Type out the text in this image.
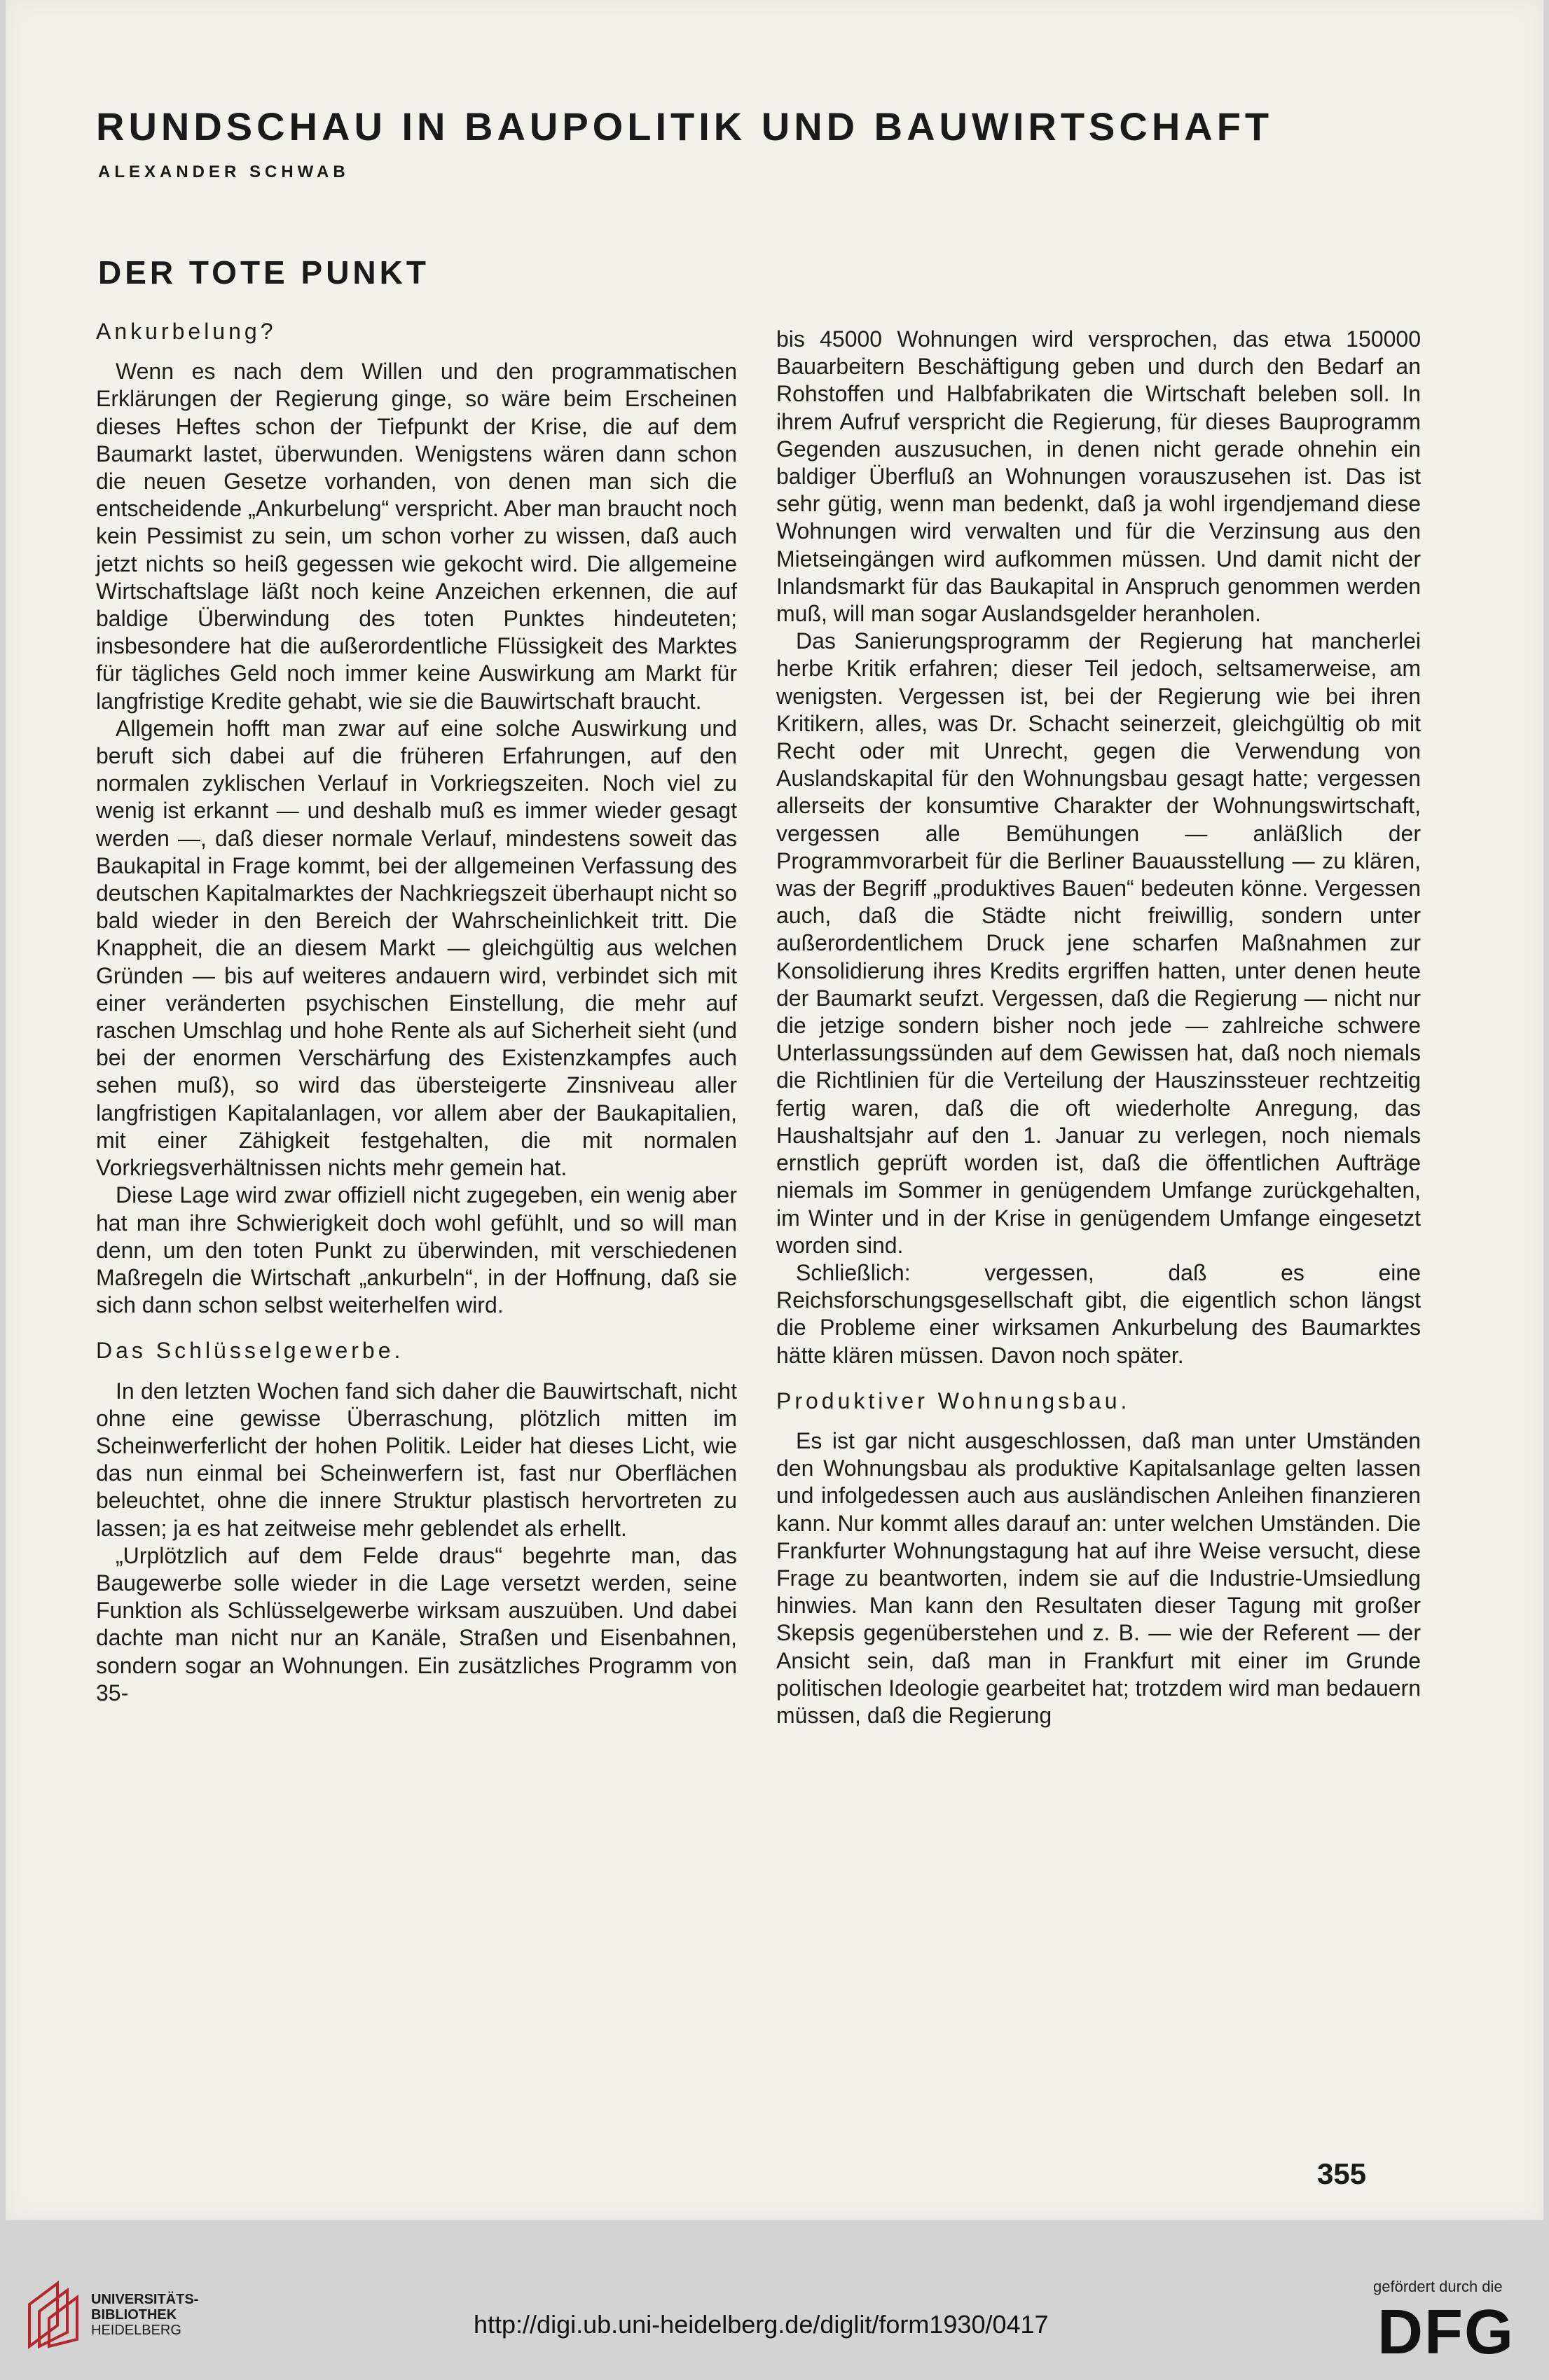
RUNDSCHAU IN BAUPOLITIK UND BAUWIRTSCHAFT
ALEXANDER SCHWAB
DER TOTE PUNKT
Ankurbelung?

Wenn es nach dem Willen und den programmatischen Erklärungen der Regierung ginge, so wäre beim Erscheinen dieses Heftes schon der Tiefpunkt der Krise, die auf dem Baumarkt lastet, überwunden. Wenigstens wären dann schon die neuen Gesetze vorhanden, von denen man sich die entscheidende „Ankurbelung“ verspricht. Aber man braucht noch kein Pessimist zu sein, um schon vorher zu wissen, daß auch jetzt nichts so heiß gegessen wie gekocht wird. Die allgemeine Wirtschaftslage läßt noch keine Anzeichen erkennen, die auf baldige Überwindung des toten Punktes hindeuteten; insbesondere hat die außerordentliche Flüssigkeit des Marktes für tägliches Geld noch immer keine Auswirkung am Markt für langfristige Kredite gehabt, wie sie die Bauwirtschaft braucht.

Allgemein hofft man zwar auf eine solche Auswirkung und beruft sich dabei auf die früheren Erfahrungen, auf den normalen zyklischen Verlauf in Vorkriegszeiten. Noch viel zu wenig ist erkannt — und deshalb muß es immer wieder gesagt werden —, daß dieser normale Verlauf, mindestens soweit das Baukapital in Frage kommt, bei der allgemeinen Verfassung des deutschen Kapitalmarktes der Nachkriegszeit überhaupt nicht so bald wieder in den Bereich der Wahrscheinlichkeit tritt. Die Knappheit, die an diesem Markt — gleichgültig aus welchen Gründen — bis auf weiteres andauern wird, verbindet sich mit einer veränderten psychischen Einstellung, die mehr auf raschen Umschlag und hohe Rente als auf Sicherheit sieht (und bei der enormen Verschärfung des Existenzkampfes auch sehen muß), so wird das übersteigerte Zinsniveau aller langfristigen Kapitalanlagen, vor allem aber der Baukapitalien, mit einer Zähigkeit festgehalten, die mit normalen Vorkriegsverhältnissen nichts mehr gemein hat.

Diese Lage wird zwar offiziell nicht zugegeben, ein wenig aber hat man ihre Schwierigkeit doch wohl gefühlt, und so will man denn, um den toten Punkt zu überwinden, mit verschiedenen Maßregeln die Wirtschaft „ankurbeln“, in der Hoffnung, daß sie sich dann schon selbst weiterhelfen wird.

Das Schlüsselgewerbe.

In den letzten Wochen fand sich daher die Bauwirtschaft, nicht ohne eine gewisse Überraschung, plötzlich mitten im Scheinwerferlicht der hohen Politik. Leider hat dieses Licht, wie das nun einmal bei Scheinwerfern ist, fast nur Oberflächen beleuchtet, ohne die innere Struktur plastisch hervortreten zu lassen; ja es hat zeitweise mehr geblendet als erhellt.

„Urplötzlich auf dem Felde draus“ begehrte man, das Baugewerbe solle wieder in die Lage versetzt werden, seine Funktion als Schlüsselgewerbe wirksam auszuüben. Und dabei dachte man nicht nur an Kanäle, Straßen und Eisenbahnen, sondern sogar an Wohnungen. Ein zusätzliches Programm von 35-

bis 45000 Wohnungen wird versprochen, das etwa 150000 Bauarbeitern Beschäftigung geben und durch den Bedarf an Rohstoffen und Halbfabrikaten die Wirtschaft beleben soll. In ihrem Aufruf verspricht die Regierung, für dieses Bauprogramm Gegenden auszusuchen, in denen nicht gerade ohnehin ein baldiger Überfluß an Wohnungen vorauszusehen ist. Das ist sehr gütig, wenn man bedenkt, daß ja wohl irgendjemand diese Wohnungen wird verwalten und für die Verzinsung aus den Mietseingängen wird aufkommen müssen. Und damit nicht der Inlandsmarkt für das Baukapital in Anspruch genommen werden muß, will man sogar Auslandsgelder heranholen.

Das Sanierungsprogramm der Regierung hat mancherlei herbe Kritik erfahren; dieser Teil jedoch, seltsamerweise, am wenigsten. Vergessen ist, bei der Regierung wie bei ihren Kritikern, alles, was Dr. Schacht seinerzeit, gleichgültig ob mit Recht oder mit Unrecht, gegen die Verwendung von Auslandskapital für den Wohnungsbau gesagt hatte; vergessen allerseits der konsumtive Charakter der Wohnungswirtschaft, vergessen alle Bemühungen — anläßlich der Programmvorarbeit für die Berliner Bauausstellung — zu klären, was der Begriff „produktives Bauen“ bedeuten könne. Vergessen auch, daß die Städte nicht freiwillig, sondern unter außerordentlichem Druck jene scharfen Maßnahmen zur Konsolidierung ihres Kredits ergriffen hatten, unter denen heute der Baumarkt seufzt. Vergessen, daß die Regierung — nicht nur die jetzige sondern bisher noch jede — zahlreiche schwere Unterlassungssünden auf dem Gewissen hat, daß noch niemals die Richtlinien für die Verteilung der Hauszinssteuer rechtzeitig fertig waren, daß die oft wiederholte Anregung, das Haushaltsjahr auf den 1. Januar zu verlegen, noch niemals ernstlich geprüft worden ist, daß die öffentlichen Aufträge niemals im Sommer in genügendem Umfange zurückgehalten, im Winter und in der Krise in genügendem Umfange eingesetzt worden sind.

Schließlich: vergessen, daß es eine Reichsforschungsgesellschaft gibt, die eigentlich schon längst die Probleme einer wirksamen Ankurbelung des Baumarktes hätte klären müssen. Davon noch später.

Produktiver Wohnungsbau.

Es ist gar nicht ausgeschlossen, daß man unter Umständen den Wohnungsbau als produktive Kapitalsanlage gelten lassen und infolgedessen auch aus ausländischen Anleihen finanzieren kann. Nur kommt alles darauf an: unter welchen Umständen. Die Frankfurter Wohnungstagung hat auf ihre Weise versucht, diese Frage zu beantworten, indem sie auf die Industrie-Umsiedlung hinwies. Man kann den Resultaten dieser Tagung mit großer Skepsis gegenüberstehen und z. B. — wie der Referent — der Ansicht sein, daß man in Frankfurt mit einer im Grunde politischen Ideologie gearbeitet hat; trotzdem wird man bedauern müssen, daß die Regierung

355
UNIVERSITÄTS-
BIBLIOTHEK
HEIDELBERG	http://digi.ub.uni-heidelberg.de/diglit/form1930/0417
gefördert durch die
DFG
